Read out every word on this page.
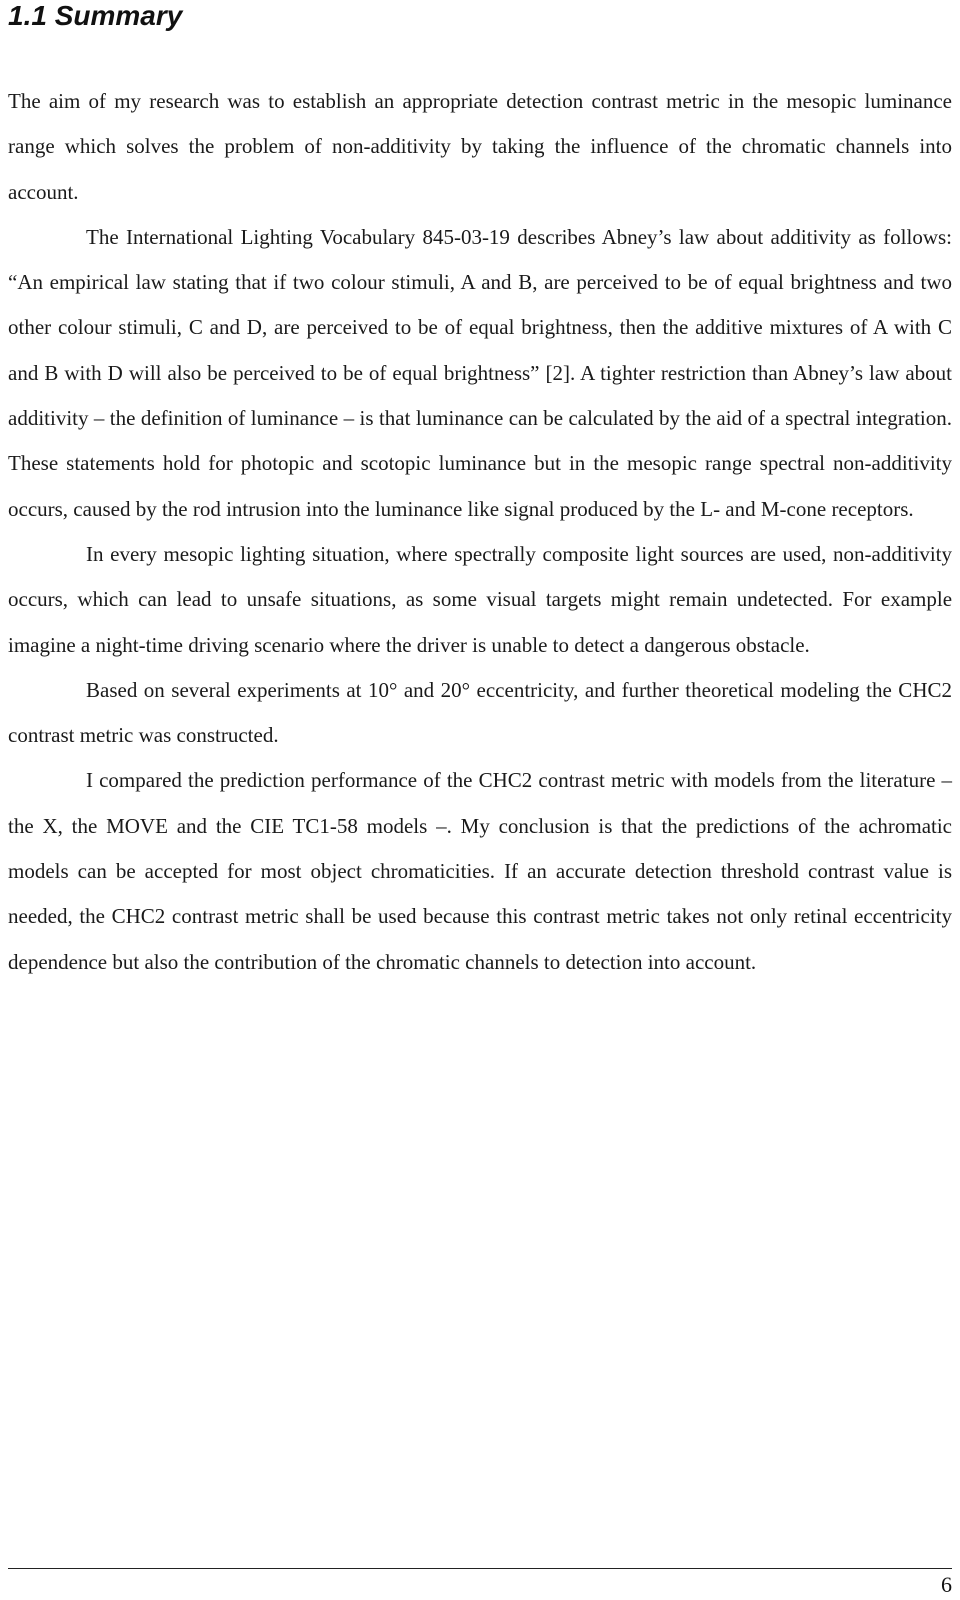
1.1 Summary

The aim of my research was to establish an appropriate detection contrast metric in the mesopic luminance range which solves the problem of non-additivity by taking the influence of the chromatic channels into account.

The International Lighting Vocabulary 845-03-19 describes Abney’s law about additivity as follows: “An empirical law stating that if two colour stimuli, A and B, are perceived to be of equal brightness and two other colour stimuli, C and D, are perceived to be of equal brightness, then the additive mixtures of A with C and B with D will also be perceived to be of equal brightness” [2]. A tighter restriction than Abney’s law about additivity – the definition of luminance – is that luminance can be calculated by the aid of a spectral integration. These statements hold for photopic and scotopic luminance but in the mesopic range spectral non-additivity occurs, caused by the rod intrusion into the luminance like signal produced by the L- and M-cone receptors.

In every mesopic lighting situation, where spectrally composite light sources are used, non-additivity occurs, which can lead to unsafe situations, as some visual targets might remain undetected. For example imagine a night-time driving scenario where the driver is unable to detect a dangerous obstacle.

Based on several experiments at 10° and 20° eccentricity, and further theoretical modeling the CHC2 contrast metric was constructed.

I compared the prediction performance of the CHC2 contrast metric with models from the literature – the X, the MOVE and the CIE TC1-58 models –. My conclusion is that the predictions of the achromatic models can be accepted for most object chromaticities. If an accurate detection threshold contrast value is needed, the CHC2 contrast metric shall be used because this contrast metric takes not only retinal eccentricity dependence but also the contribution of the chromatic channels to detection into account.

6
